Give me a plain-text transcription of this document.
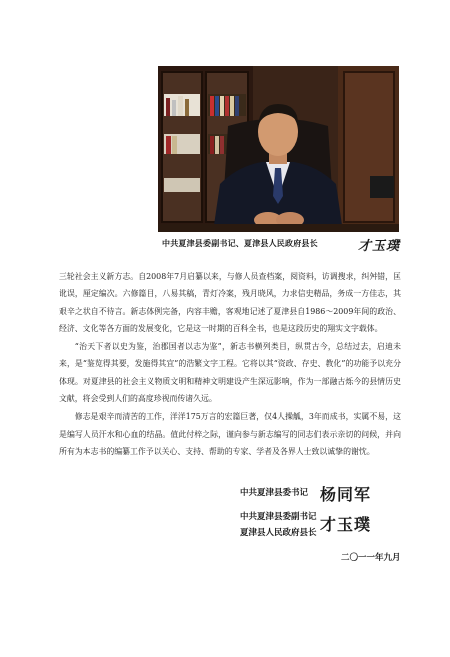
中共夏津县委副书记、夏津县人民政府县长	才玉璞

三轮社会主义新方志。自2008年7月启纂以来，与修人员查档案，阅资料，访调搜求，纠舛错，匡讹误，厘定编次。六修篇目，八易其稿，青灯冷案，残月晓风，力求信史精品，务成一方佳志，其艰辛之状自不待言。新志体例完备，内容丰赡，客观地记述了夏津县自1986～2009年间的政治、经济、文化等各方面的发展变化，它是这一时期的百科全书，也是这段历史的翔实文字载体。

“治天下者以史为鉴，治郡国者以志为鉴”，新志书横列类目，纵贯古今，总结过去，启迪未来，是“鉴览得其要，发施得其宜”的浩繁文字工程。它将以其“资政、存史、教化”的功能予以充分体现。对夏津县的社会主义物质文明和精神文明建设产生深远影响，作为一部融古烁今的县情历史文献，将会受到人们的高度珍视而传诸久远。

修志是艰辛而清苦的工作，洋洋175万言的宏篇巨著，仅4人操觚，3年而成书，实属不易，这是编写人员汗水和心血的结晶。值此付梓之际，谨向参与新志编写的同志们表示亲切的问候，并向所有为本志书的编纂工作予以关心、支持、帮助的专家、学者及各界人士致以诚挚的谢忱。

中共夏津县委书记 杨同军
中共夏津县委副书记 才玉璞
夏津县人民政府县长
二〇一一年九月
